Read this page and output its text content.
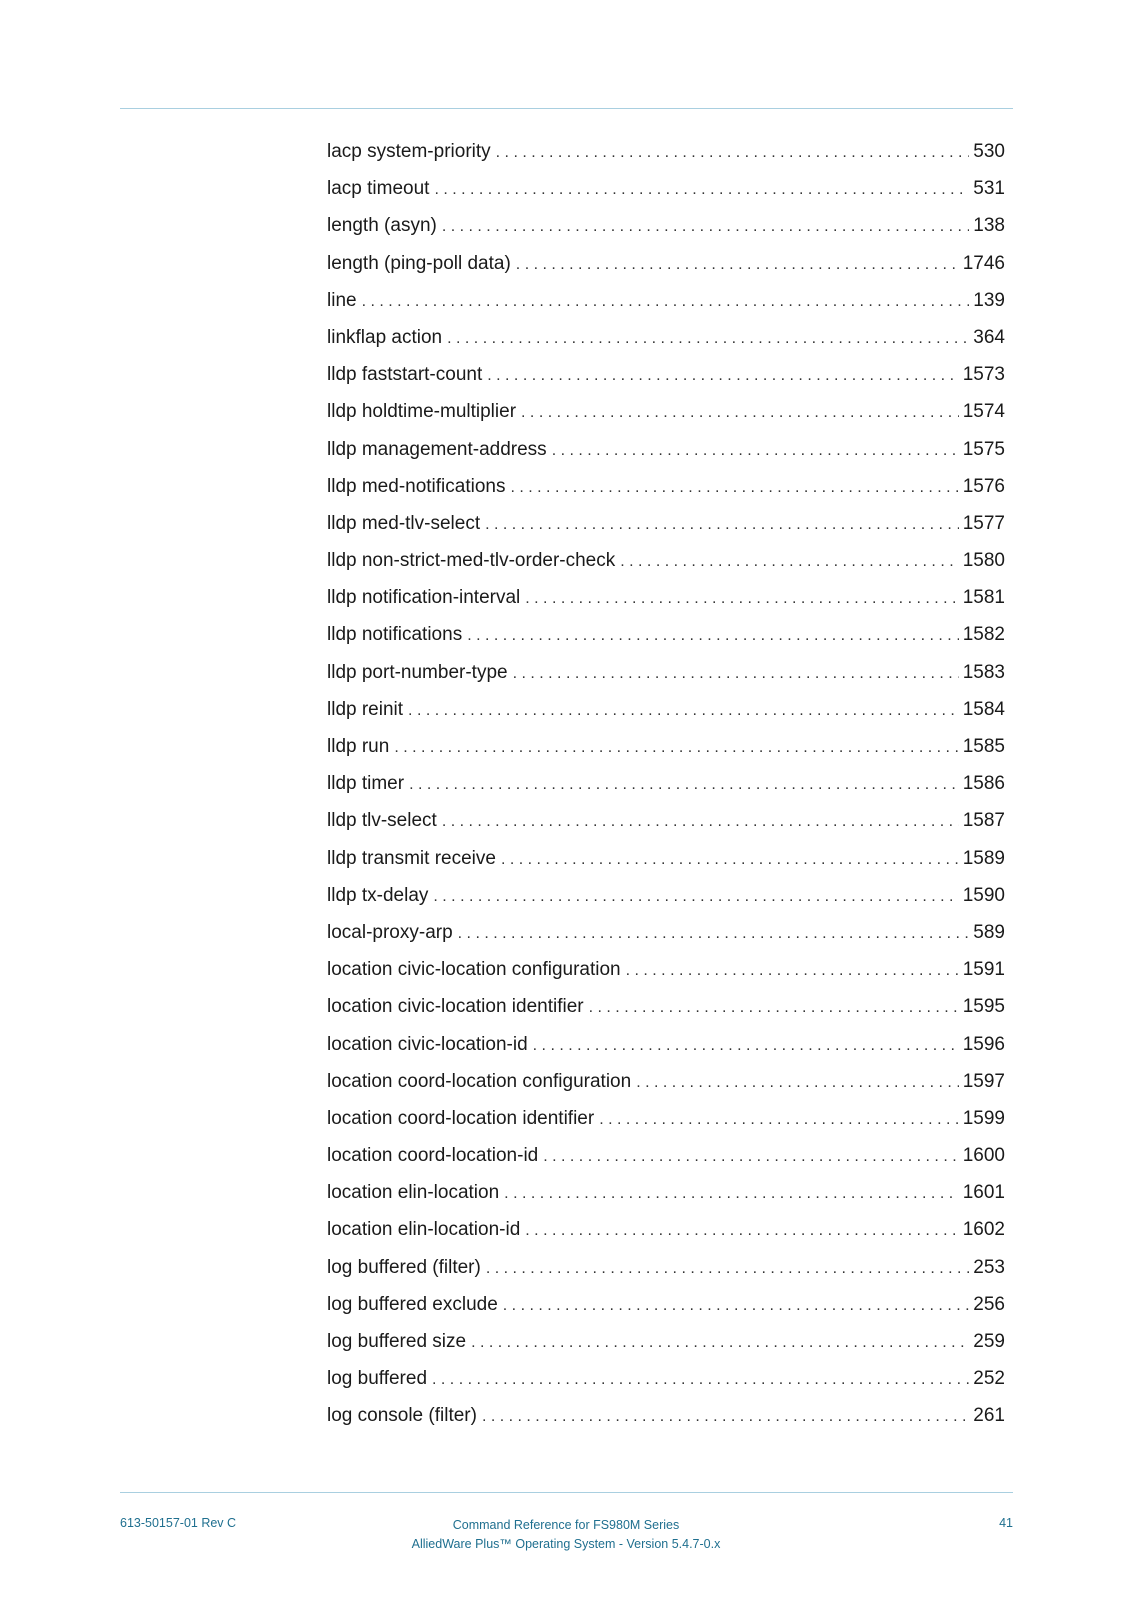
lacp system-priority . . .	530
lacp timeout . . .	531
length (asyn) . . .	138
length (ping-poll data) . . .	1746
line . . .	139
linkflap action . . .	364
lldp faststart-count . . .	1573
lldp holdtime-multiplier . . .	1574
lldp management-address . . .	1575
lldp med-notifications . . .	1576
lldp med-tlv-select . . .	1577
lldp non-strict-med-tlv-order-check . . .	1580
lldp notification-interval . . .	1581
lldp notifications . . .	1582
lldp port-number-type . . .	1583
lldp reinit . . .	1584
lldp run . . .	1585
lldp timer . . .	1586
lldp tlv-select . . .	1587
lldp transmit receive . . .	1589
lldp tx-delay . . .	1590
local-proxy-arp . . .	589
location civic-location configuration . . .	1591
location civic-location identifier . . .	1595
location civic-location-id . . .	1596
location coord-location configuration . . .	1597
location coord-location identifier . . .	1599
location coord-location-id . . .	1600
location elin-location . . .	1601
location elin-location-id . . .	1602
log buffered (filter) . . .	253
log buffered exclude . . .	256
log buffered size . . .	259
log buffered . . .	252
log console (filter) . . .	261
613-50157-01 Rev C	Command Reference for FS980M Series
AlliedWare Plus™ Operating System - Version 5.4.7-0.x
41
